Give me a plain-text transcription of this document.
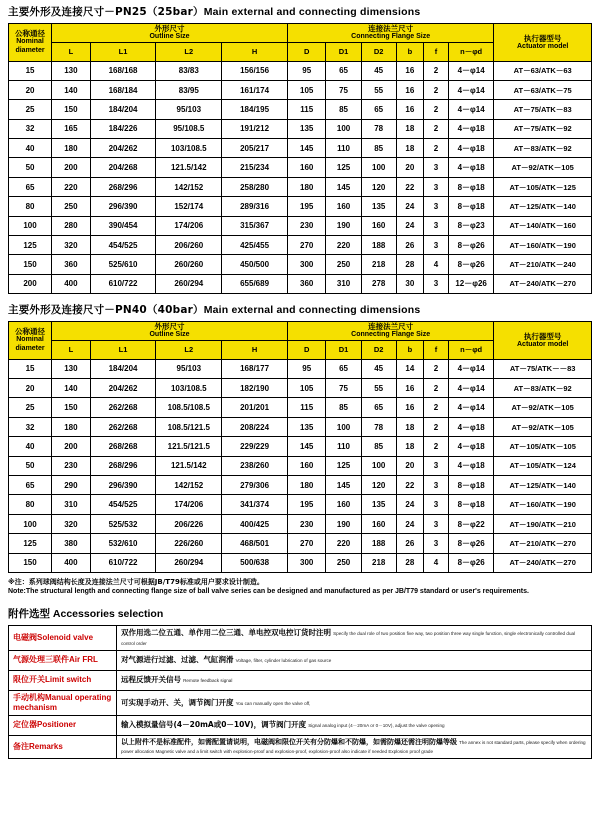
主要外形及连接尺寸－PN25（25bar）Main external and connecting dimensions
公称通径
Nominal diameter	外形尺寸
Outline Size				连接法兰尺寸
Connecting Flange Size						执行器型号
Actuator model

	L	L1	L2	H	D	D1	D2	b	f	n－φd	
15	130	168/168	83/83	156/156	95	65	45	16	2	4－φ14	AT－63/ATK－63
20	140	168/184	83/95	161/174	105	75	55	16	2	4－φ14	AT－63/ATK－75
25	150	184/204	95/103	184/195	115	85	65	16	2	4－φ14	AT－75/ATK－83
32	165	184/226	95/108.5	191/212	135	100	78	18	2	4－φ18	AT－75/ATK－92
40	180	204/262	103/108.5	205/217	145	110	85	18	2	4－φ18	AT－83/ATK－92
50	200	204/268	121.5/142	215/234	160	125	100	20	3	4－φ18	AT－92/ATK－105
65	220	268/296	142/152	258/280	180	145	120	22	3	8－φ18	AT－105/ATK－125
80	250	296/390	152/174	289/316	195	160	135	24	3	8－φ18	AT－125/ATK－140
100	280	390/454	174/206	315/367	230	190	160	24	3	8－φ23	AT－140/ATK－160
125	320	454/525	206/260	425/455	270	220	188	26	3	8－φ26	AT－160/ATK－190
150	360	525/610	260/260	450/500	300	250	218	28	4	8－φ26	AT－210/ATK－240
200	400	610/722	260/294	655/689	360	310	278	30	3	12－φ26	AT－240/ATK－270
主要外形及连接尺寸－PN40（40bar）Main external and connecting dimensions
公称通径
Nominal diameter	外形尺寸
Outline Size				连接法兰尺寸
Connecting Flange Size						执行器型号
Actuator model

	L	L1	L2	H	D	D1	D2	b	f	n－φd	
15	130	184/204	95/103	168/177	95	65	45	14	2	4－φ14	AT－75/ATK－－83
20	140	204/262	103/108.5	182/190	105	75	55	16	2	4－φ14	AT－83/ATK－92
25	150	262/268	108.5/108.5	201/201	115	85	65	16	2	4－φ14	AT－92/ATK－105
32	180	262/268	108.5/121.5	208/224	135	100	78	18	2	4－φ18	AT－92/ATK－105
40	200	268/268	121.5/121.5	229/229	145	110	85	18	2	4－φ18	AT－105/ATK－105
50	230	268/296	121.5/142	238/260	160	125	100	20	3	4－φ18	AT－105/ATK－124
65	290	296/390	142/152	279/306	180	145	120	22	3	8－φ18	AT－125/ATK－140
80	310	454/525	174/206	341/374	195	160	135	24	3	8－φ18	AT－160/ATK－190
100	320	525/532	206/226	400/425	230	190	160	24	3	8－φ22	AT－190/ATK－210
125	380	532/610	226/260	468/501	270	220	188	26	3	8－φ26	AT－210/ATK－270
150	400	610/722	260/294	500/638	300	250	218	28	4	8－φ26	AT－240/ATK－270
※注：系列球阀结构长度及连接法兰尺寸可根据JB/T79标准或用户要求设计制造。
Note:The structural length and connecting flange size of ball valve series can be designed and manufactured as per JB/T79 standard or user's requirements.
附件选型 Accessories selection
电磁阀Solenoid valve	双作用选二位五通、单作用二位三通、单电控双电控订货时注明 Specify the dual role of two position five way, two position three way single function, single electronically controlled dual control order
气源处理三联件Air FRL	对气源进行过滤、过滤、气缸润滑 Voltage, filter, cylinder lubrication of gas source
限位开关Limit switch	远程反馈开关信号 Remote feedback signal
手动机构Manual operating mechanism	可实现手动开、关，调节阀门开度 You can manually open the valve off,
定位器Positioner	输入模拟量信号(4－20mA或0－10V)，调节阀门开度 Signal analog input (4－20mA or 0－10V), adjust the valve opening
备注Remarks	以上附件不是标准配件，如需配置请说明，电磁阀和限位开关有分防爆和不防爆，如需防爆还需注明防爆等级 The annex is not standard parts, please specify when ordering power allocation Magnetic valve and a limit switch with explosion-proof and explosion-proof, explosion-proof also indicate if needed Explosion proof grade
